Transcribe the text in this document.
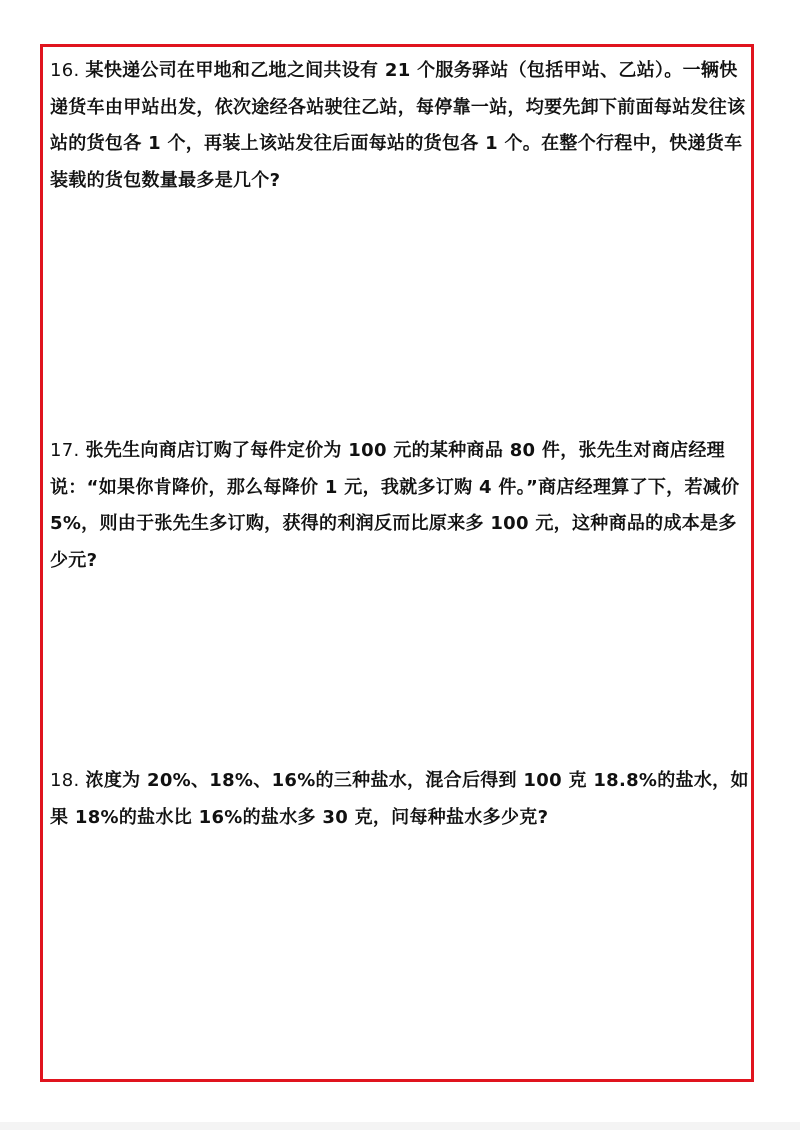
16. 某快递公司在甲地和乙地之间共设有 21 个服务驿站（包括甲站、乙站）。一辆快递货车由甲站出发，依次途经各站驶往乙站，每停靠一站，均要先卸下前面每站发往该站的货包各 1 个，再装上该站发往后面每站的货包各 1 个。在整个行程中，快递货车装载的货包数量最多是几个?

17. 张先生向商店订购了每件定价为 100 元的某种商品 80 件，张先生对商店经理说：“如果你肯降价，那么每降价 1 元，我就多订购 4 件。”商店经理算了下，若减价 5%，则由于张先生多订购，获得的利润反而比原来多 100 元，这种商品的成本是多少元?

18. 浓度为 20%、18%、16%的三种盐水，混合后得到 100 克 18.8%的盐水，如果 18%的盐水比 16%的盐水多 30 克，问每种盐水多少克?
